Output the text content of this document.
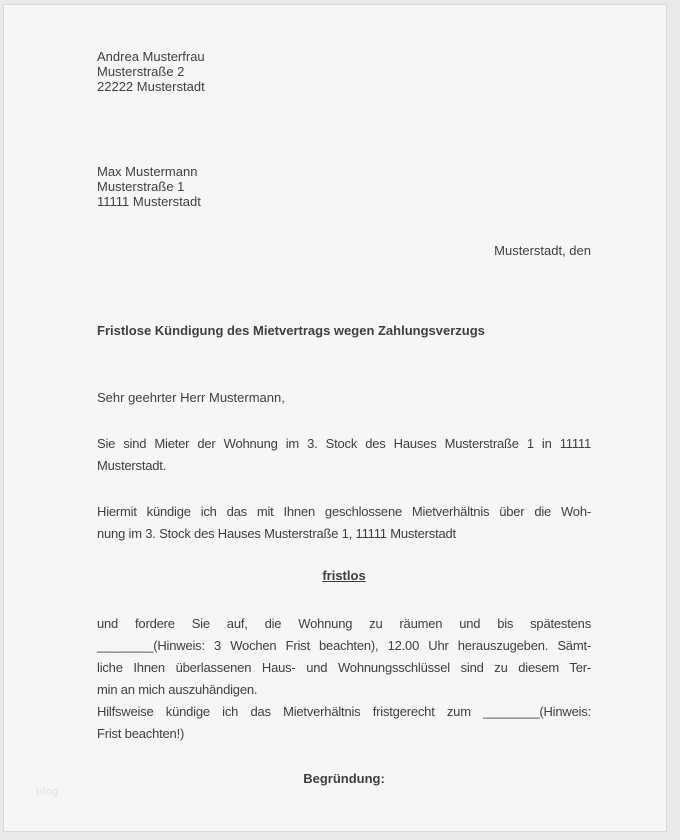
Andrea Musterfrau
Musterstraße 2
22222 Musterstadt
Max Mustermann
Musterstraße 1
11111 Musterstadt
Musterstadt, den
Fristlose Kündigung des Mietvertrags wegen Zahlungsverzugs
Sehr geehrter Herr Mustermann,
Sie sind Mieter der Wohnung im 3. Stock des Hauses Musterstraße 1 in 11111
Musterstadt.
Hiermit kündige ich das mit Ihnen geschlossene Mietverhältnis über die Woh-
nung im 3. Stock des Hauses Musterstraße 1, 11111 Musterstadt
fristlos
und fordere Sie auf, die Wohnung zu räumen und bis spätestens
________(Hinweis: 3 Wochen Frist beachten), 12.00 Uhr herauszugeben. Sämt-
liche Ihnen überlassenen Haus- und Wohnungsschlüssel sind zu diesem Ter-
min an mich auszuhändigen.
Hilfsweise kündige ich das Mietverhältnis fristgerecht zum ________(Hinweis:
Frist beachten!)
Begründung:
blog
